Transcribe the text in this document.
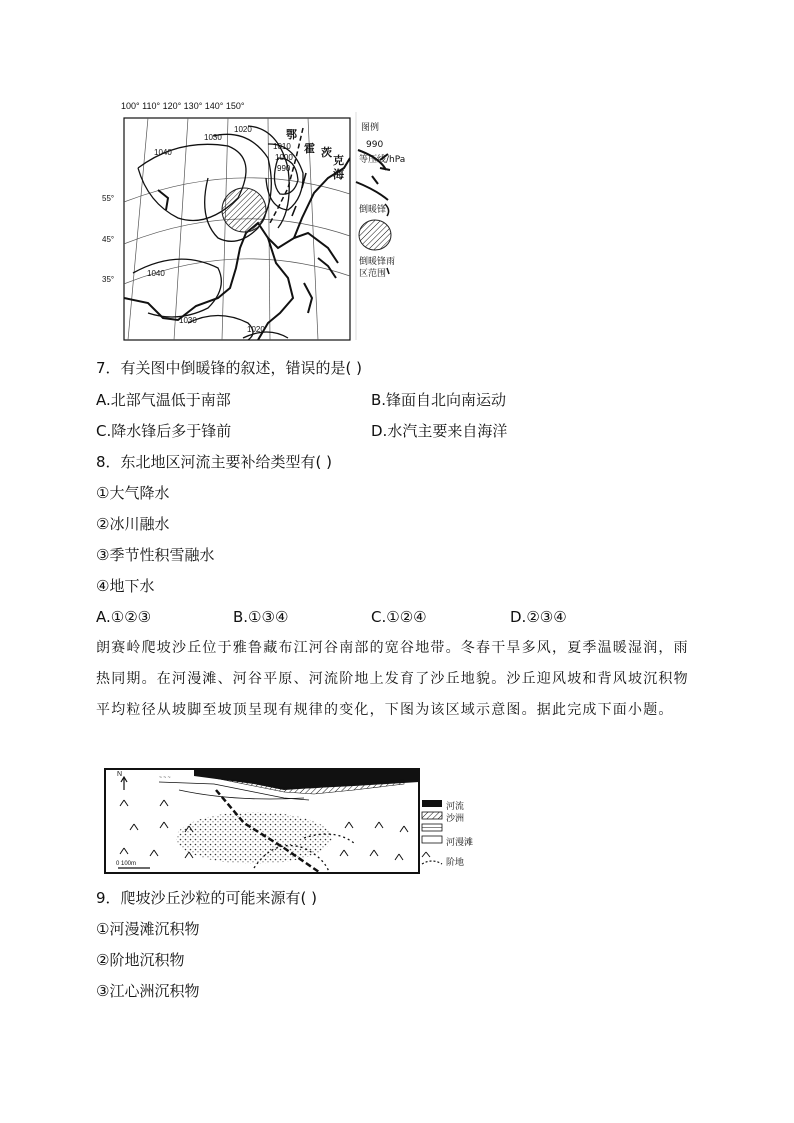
100° 110° 120° 130° 140° 150°
55°
45°
35°
1040
1030
1020
1010
1000
990
1040
1030
1020
鄂
霍 茨
克
海
图例
990
等压线/hPa
倒暖锋
倒暖锋雨区范围
7．有关图中倒暖锋的叙述，错误的是( )
A.北部气温低于南部	B.锋面自北向南运动
C.降水锋后多于锋前	D.水汽主要来自海洋
8．东北地区河流主要补给类型有( )
①大气降水
②冰川融水
③季节性积雪融水
④地下水
A.①②③	B.①③④	C.①②④	D.②③④
朗赛岭爬坡沙丘位于雅鲁藏布江河谷南部的宽谷地带。冬春干旱多风，夏季温暖湿润，雨热同期。在河漫滩、河谷平原、河流阶地上发育了沙丘地貌。沙丘迎风坡和背风坡沉积物平均粒径从坡脚至坡顶呈现有规律的变化，下图为该区域示意图。据此完成下面小题。
~ ~ ~
N
0 100m
河流
沙洲
河漫滩
阶地
9．爬坡沙丘沙粒的可能来源有( )
①河漫滩沉积物
②阶地沉积物
③江心洲沉积物
